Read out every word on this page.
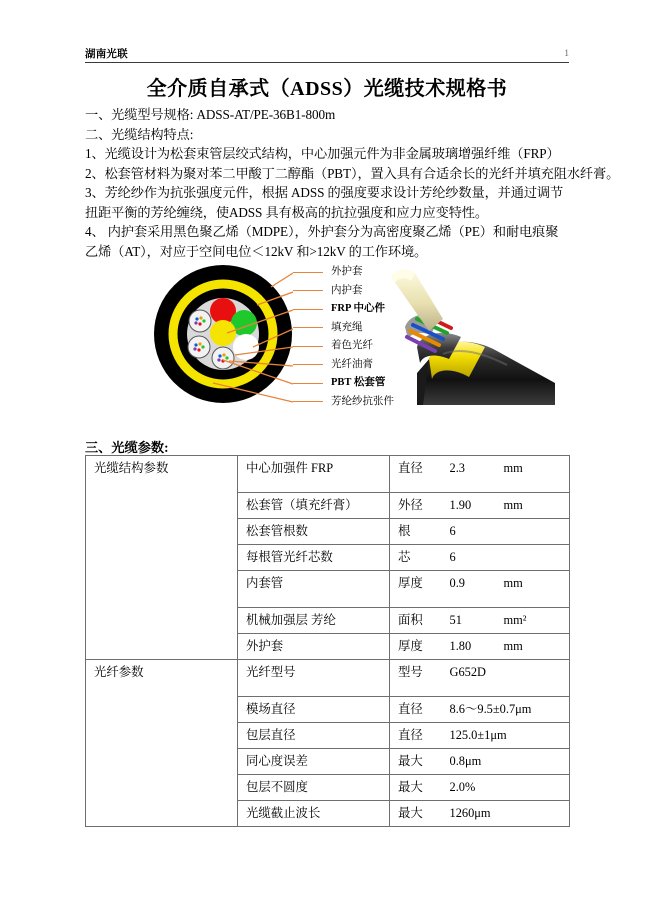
湖南光联	1
全介质自承式（ADSS）光缆技术规格书
一、光缆型号规格: ADSS-AT/PE-36B1-800m
二、光缆结构特点:
1、光缆设计为松套束管层绞式结构，中心加强元件为非金属玻璃增强纤维（FRP）
2、松套管材料为聚对苯二甲酸丁二醇酯（PBT），置入具有合适余长的光纤并填充阻水纤膏。
3、芳纶纱作为抗张强度元件，根据 ADSS 的强度要求设计芳纶纱数量，并通过调节扭距平衡的芳纶缠绕，使ADSS 具有极高的抗拉强度和应力应变特性。
4、 内护套采用黑色聚乙烯（MDPE），外护套分为高密度聚乙烯（PE）和耐电痕聚乙烯（AT），对应于空间电位＜12kV 和>12kV 的工作环境。
外护套
内护套
FRP 中心件
填充绳
着色光纤
光纤油膏
PBT 松套管
芳纶纱抗张件
三、光缆参数:
光缆结构参数	中心加强件 FRP	直径	2.3 mm

	松套管（填充纤膏）	外径	1.90 mm

	松套管根数	根	6

	每根管光纤芯数	芯	6

	内套管	厚度	0.9 mm

	机械加强层 芳纶	面积	51 mm²

	外护套	厚度	1.80 mm

光纤参数	光纤型号	型号	G652D

	模场直径	直径	8.6～9.5±0.7μm

	包层直径	直径	125.0±1μm

	同心度误差	最大	0.8μm

	包层不圆度	最大	2.0%

	光缆截止波长	最大	1260μm
